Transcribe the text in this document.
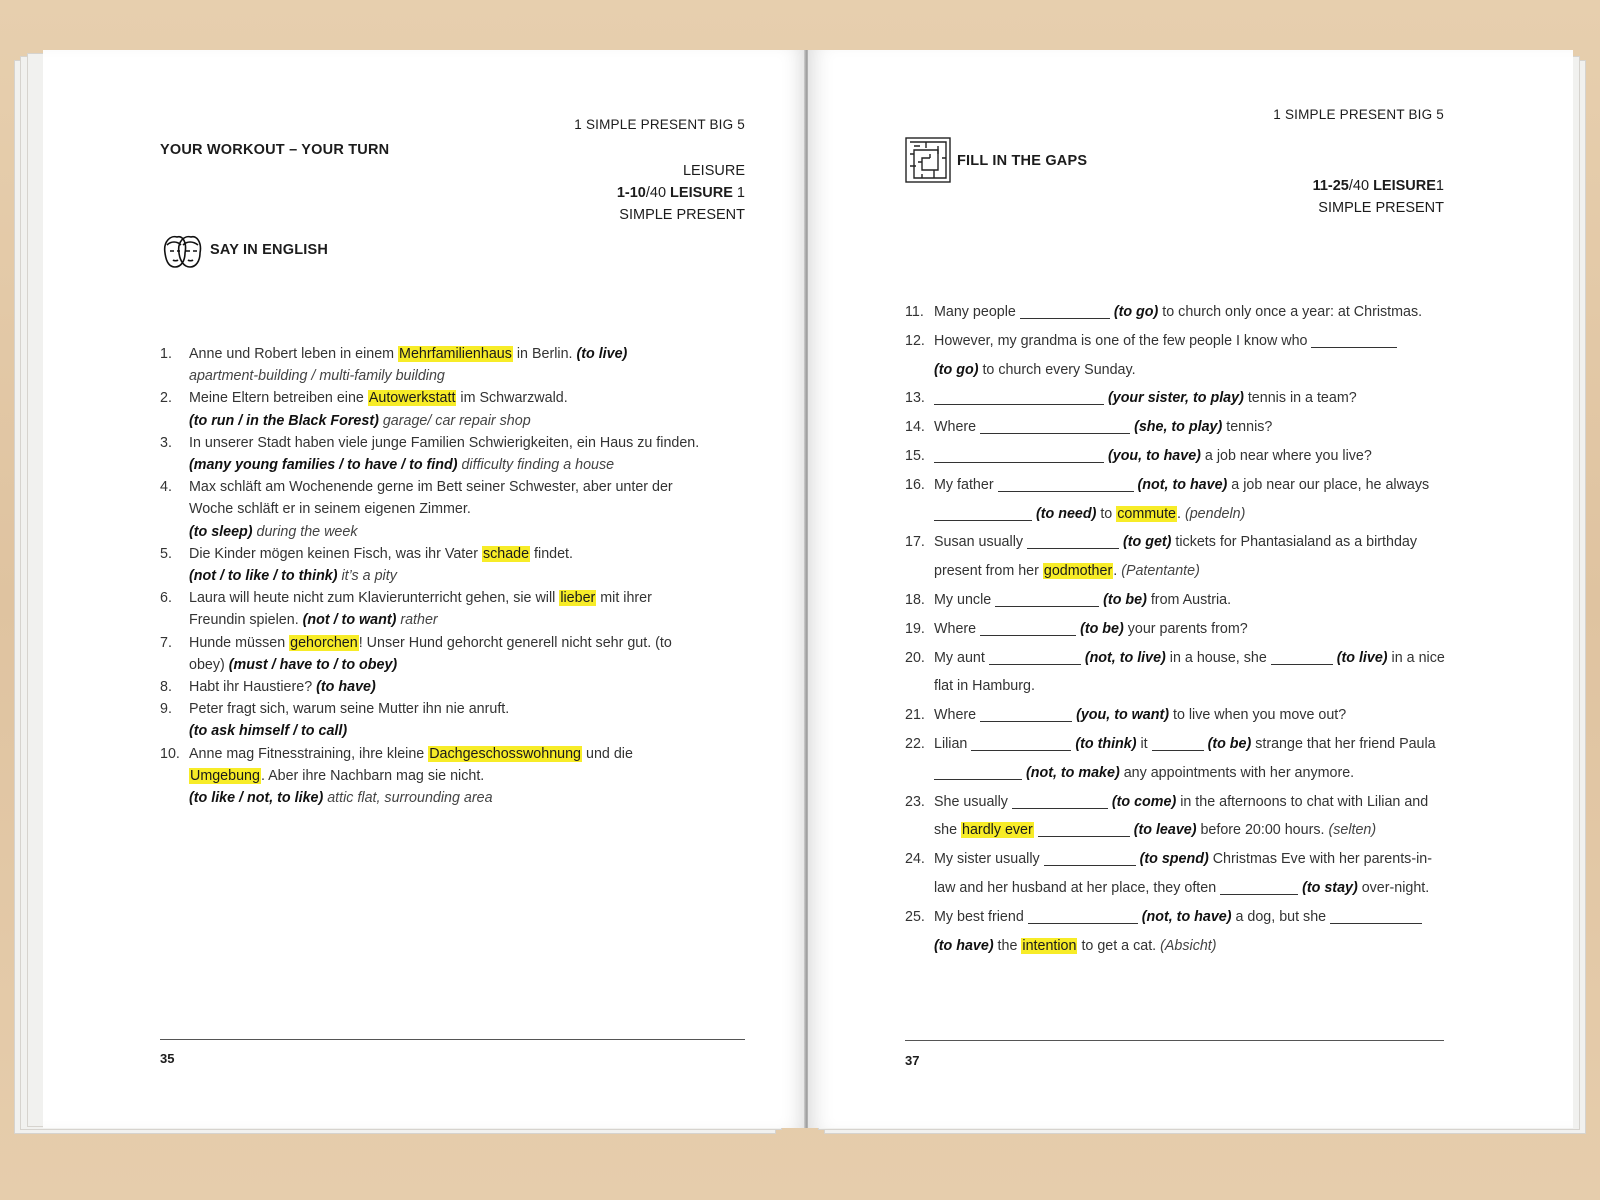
1 SIMPLE PRESENT BIG 5
YOUR WORKOUT – YOUR TURN
LEISURE
1-10/40 LEISURE 1
SIMPLE PRESENT
SAY IN ENGLISH
1. Anne und Robert leben in einem Mehrfamilienhaus in Berlin. (to live)
apartment-building / multi-family building
2. Meine Eltern betreiben eine Autowerkstatt im Schwarzwald.
(to run / in the Black Forest) garage/ car repair shop
3. In unserer Stadt haben viele junge Familien Schwierigkeiten, ein Haus zu finden. (many young families / to have / to find) difficulty finding a house
4. Max schläft am Wochenende gerne im Bett seiner Schwester, aber unter der Woche schläft er in seinem eigenen Zimmer.
(to sleep) during the week
5. Die Kinder mögen keinen Fisch, was ihr Vater schade findet.
(not / to like / to think) it’s a pity
6. Laura will heute nicht zum Klavierunterricht gehen, sie will lieber mit ihrer Freundin spielen. (not / to want) rather
7. Hunde müssen gehorchen! Unser Hund gehorcht generell nicht sehr gut. (to obey) (must / have to / to obey)
8. Habt ihr Haustiere? (to have)
9. Peter fragt sich, warum seine Mutter ihn nie anruft.
(to ask himself / to call)
10. Anne mag Fitnesstraining, ihre kleine Dachgeschosswohnung und die Umgebung. Aber ihre Nachbarn mag sie nicht.
(to like / not, to like) attic flat, surrounding area
35
1 SIMPLE PRESENT BIG 5
FILL IN THE GAPS
11-25/40 LEISURE1
SIMPLE PRESENT
11. Many people	(to go) to church only once a year: at Christmas.
12. However, my grandma is one of the few people I know who
(to go) to church every Sunday.
13.	(your sister, to play) tennis in a team?
14. Where	(she, to play) tennis?
15.	(you, to have) a job near where you live?
16. My father	(not, to have) a job near our place, he always
(to need) to commute. (pendeln)
17. Susan usually	(to get) tickets for Phantasialand as a birthday present from her godmother. (Patentante)
18. My uncle	(to be) from Austria.
19. Where	(to be) your parents from?
20. My aunt	(not, to live) in a house, she	(to live) in a nice flat in Hamburg.
21. Where	(you, to want) to live when you move out?
22. Lilian	(to think) it	(to be) strange that her friend Paula  (not, to make) any appointments with her anymore.
23. She usually	(to come) in the afternoons to chat with Lilian and she hardly ever	(to leave) before 20:00 hours. (selten)
24. My sister usually	(to spend) Christmas Eve with her parents-in-law and her husband at her place, they often	(to stay) over-night.
25. My best friend	(not, to have) a dog, but she
(to have) the intention to get a cat. (Absicht)
37
